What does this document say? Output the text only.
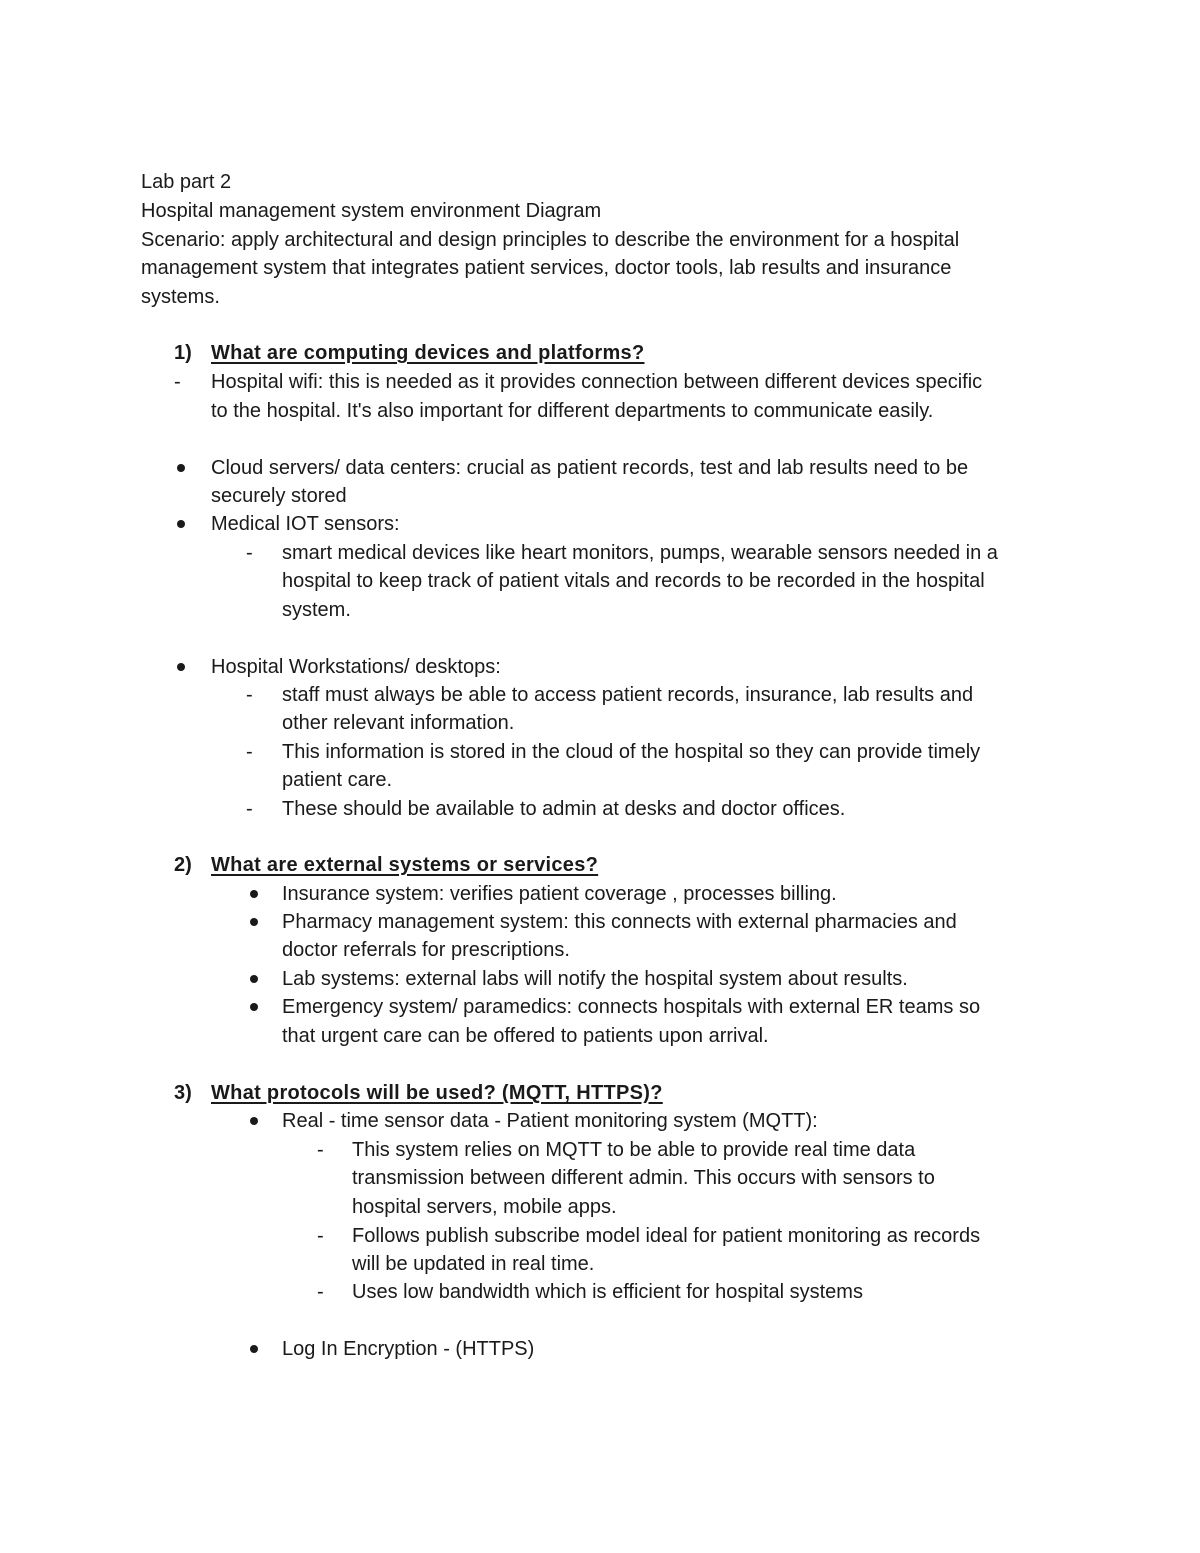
Lab part 2

Hospital management system environment Diagram

Scenario: apply architectural and design principles to describe the environment for a hospital

management system that integrates patient services, doctor tools, lab results and insurance

systems.

1) What are computing devices and platforms?

- Hospital wifi: this is needed as it provides connection between different devices specific

to the hospital. It's also important for different departments to communicate easily.

Cloud servers/ data centers: crucial as patient records, test and lab results need to be

securely stored

Medical IOT sensors:

- smart medical devices like heart monitors, pumps, wearable sensors needed in a

hospital to keep track of patient vitals and records to be recorded in the hospital

system.

Hospital Workstations/ desktops:

- staff must always be able to access patient records, insurance, lab results and

other relevant information.

- This information is stored in the cloud of the hospital so they can provide timely

patient care.

- These should be available to admin at desks and doctor offices.

2) What are external systems or services?

Insurance system: verifies patient coverage , processes billing.

Pharmacy management system: this connects with external pharmacies and

doctor referrals for prescriptions.

Lab systems: external labs will notify the hospital system about results.

Emergency system/ paramedics: connects hospitals with external ER teams so

that urgent care can be offered to patients upon arrival.

3) What protocols will be used? (MQTT, HTTPS)?

Real - time sensor data - Patient monitoring system (MQTT):

- This system relies on MQTT to be able to provide real time data

transmission between different admin. This occurs with sensors to

hospital servers, mobile apps.

- Follows publish subscribe model ideal for patient monitoring as records

will be updated in real time.

- Uses low bandwidth which is efficient for hospital systems

Log In Encryption - (HTTPS)
